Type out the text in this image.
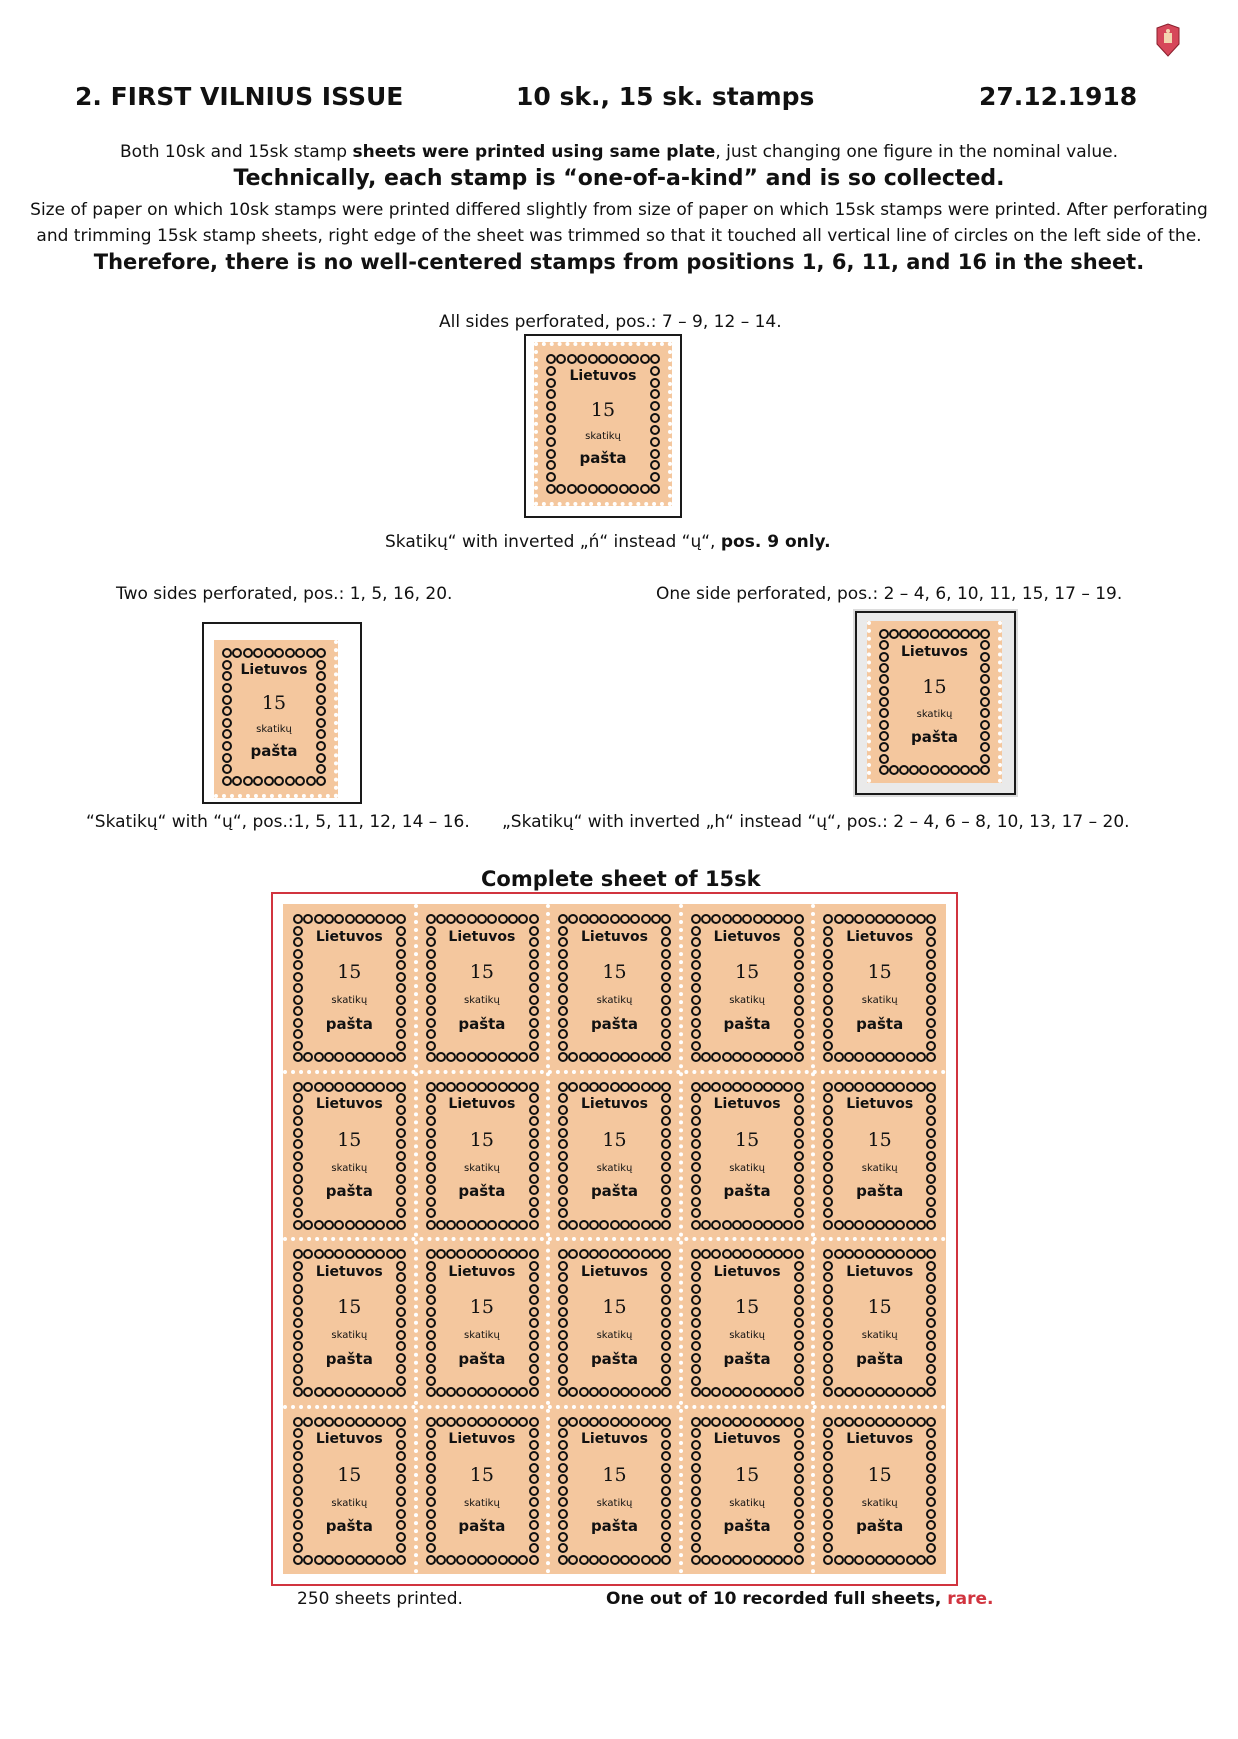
2. FIRST VILNIUS ISSUE	10 sk., 15 sk. stamps	27.12.1918
Both 10sk and 15sk stamp sheets were printed using same plate, just changing one figure in the nominal value.
Technically, each stamp is “one-of-a-kind” and is so collected.
Size of paper on which 10sk stamps were printed differed slightly from size of paper on which 15sk stamps were printed. After perforating and trimming 15sk stamp sheets, right edge of the sheet was trimmed so that it touched all vertical line of circles on the left side of the.
Therefore, there is no well-centered stamps from positions 1, 6, 11, and 16 in the sheet.
All sides perforated, pos.: 7 – 9, 12 – 14.
Lietuvos
15
skatikų
pašta
Skatikų“ with inverted „ń“ instead “ų“, pos. 9 only.
Two sides perforated, pos.: 1, 5, 16, 20.
Lietuvos
15
skatikų
pašta
“Skatikų“ with “ų“, pos.:1, 5, 11, 12, 14 – 16.
One side perforated, pos.: 2 – 4, 6, 10, 11, 15, 17 – 19.
Lietuvos
15
skatikų
pašta
„Skatikų“ with inverted „h“ instead “ų“, pos.: 2 – 4, 6 – 8, 10, 13, 17 – 20.
Complete sheet of 15sk
Lietuvos
15
skatikų
pašta
Lietuvos
15
skatikų
pašta
Lietuvos
15
skatikų
pašta
Lietuvos
15
skatikų
pašta
Lietuvos
15
skatikų
pašta
Lietuvos
15
skatikų
pašta
Lietuvos
15
skatikų
pašta
Lietuvos
15
skatikų
pašta
Lietuvos
15
skatikų
pašta
Lietuvos
15
skatikų
pašta
Lietuvos
15
skatikų
pašta
Lietuvos
15
skatikų
pašta
Lietuvos
15
skatikų
pašta
Lietuvos
15
skatikų
pašta
Lietuvos
15
skatikų
pašta
Lietuvos
15
skatikų
pašta
Lietuvos
15
skatikų
pašta
Lietuvos
15
skatikų
pašta
Lietuvos
15
skatikų
pašta
Lietuvos
15
skatikų
pašta
250 sheets printed.	One out of 10 recorded full sheets, rare.
